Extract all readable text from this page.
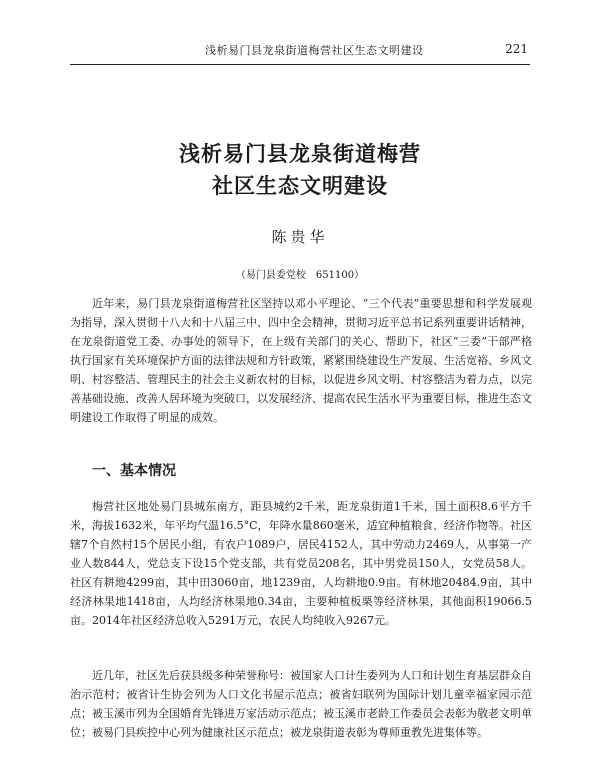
浅析易门县龙泉街道梅营社区生态文明建设	221
浅析易门县龙泉街道梅营
社区生态文明建设
陈贵华
（易门县委党校　651100）

近年来，易门县龙泉街道梅营社区坚持以邓小平理论、“三个代表”重要思想和科学发展观为指导，深入贯彻十八大和十八届三中、四中全会精神，贯彻习近平总书记系列重要讲话精神，在龙泉街道党工委、办事处的领导下，在上级有关部门的关心、帮助下，社区“三委”干部严格执行国家有关环境保护方面的法律法规和方针政策，紧紧围绕建设生产发展、生活宽裕、乡风文明、村容整洁、管理民主的社会主义新农村的目标，以促进乡风文明、村容整洁为着力点，以完善基础设施、改善人居环境为突破口，以发展经济、提高农民生活水平为重要目标，推进生态文明建设工作取得了明显的成效。

一、基本情况

梅营社区地处易门县城东南方，距县城约2千米，距龙泉街道1千米，国土面积8.6平方千米，海拔1632米，年平均气温16.5°C，年降水量860毫米，适宜种植粮食、经济作物等。社区辖7个自然村15个居民小组，有农户1089户，居民4152人，其中劳动力2469人，从事第一产业人数844人，党总支下设15个党支部，共有党员208名，其中男党员150人，女党员58人。社区有耕地4299亩，其中田3060亩，地1239亩，人均耕地0.9亩。有林地20484.9亩，其中经济林果地1418亩，人均经济林果地0.34亩，主要种植板栗等经济林果，其他面积19066.5亩。2014年社区经济总收入5291万元，农民人均纯收入9267元。

近几年，社区先后获县级多种荣誉称号：被国家人口计生委列为人口和计划生育基层群众自治示范村；被省计生协会列为人口文化书屋示范点；被省妇联列为国际计划儿童幸福家园示范点；被玉溪市列为全国婚育先锋进万家活动示范点；被玉溪市老龄工作委员会表彰为敬老文明单位；被易门县疾控中心列为健康社区示范点；被龙泉街道表彰为尊师重教先进集体等。
